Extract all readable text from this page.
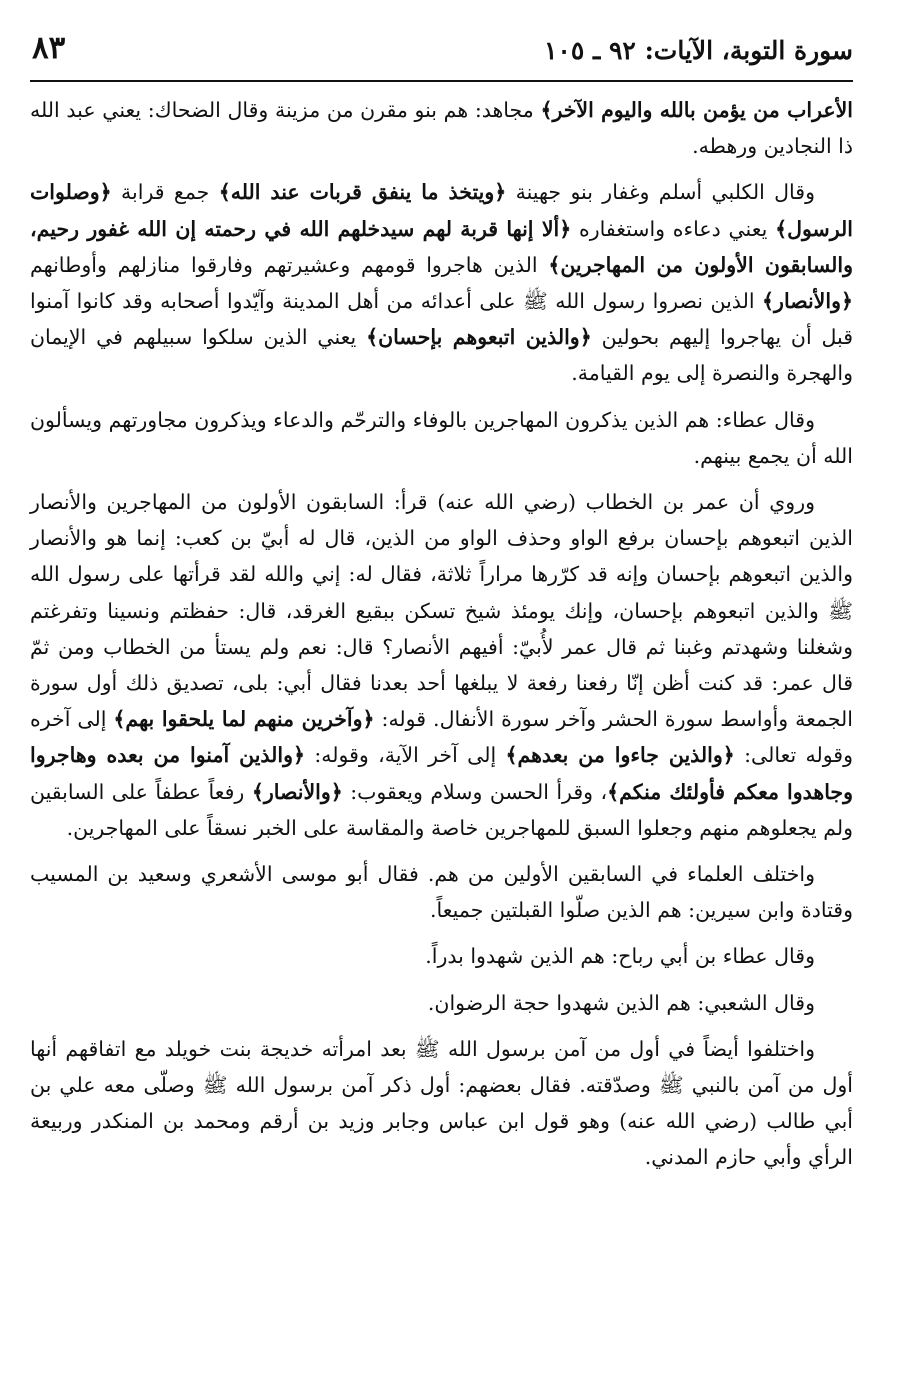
سورة التوبة، الآيات: ٩٢ ـ ١٠٥
٨٣

الأعراب من يؤمن بالله واليوم الآخر﴾ مجاهد: هم بنو مقرن من مزينة وقال الضحاك: يعني عبد الله ذا النجادين ورهطه.

وقال الكلبي أسلم وغفار بنو جهينة ﴿ويتخذ ما ينفق قربات عند الله﴾ جمع قرابة ﴿وصلوات الرسول﴾ يعني دعاءه واستغفاره ﴿ألا إنها قربة لهم سيدخلهم الله في رحمته إن الله غفور رحيم، والسابقون الأولون من المهاجرين﴾ الذين هاجروا قومهم وعشيرتهم وفارقوا منازلهم وأوطانهم ﴿والأنصار﴾ الذين نصروا رسول الله ﷺ على أعدائه من أهل المدينة وآيّدوا أصحابه وقد كانوا آمنوا قبل أن يهاجروا إليهم بحولين ﴿والذين اتبعوهم بإحسان﴾ يعني الذين سلكوا سبيلهم في الإيمان والهجرة والنصرة إلى يوم القيامة.

وقال عطاء: هم الذين يذكرون المهاجرين بالوفاء والترحّم والدعاء ويذكرون مجاورتهم ويسألون الله أن يجمع بينهم.

وروي أن عمر بن الخطاب (رضي الله عنه) قرأ: السابقون الأولون من المهاجرين والأنصار الذين اتبعوهم بإحسان برفع الواو وحذف الواو من الذين، قال له أبيّ بن كعب: إنما هو والأنصار والذين اتبعوهم بإحسان وإنه قد كرّرها مراراً ثلاثة، فقال له: إني والله لقد قرأتها على رسول الله ﷺ والذين اتبعوهم بإحسان، وإنك يومئذ شيخ تسكن ببقيع الغرقد، قال: حفظتم ونسينا وتفرغتم وشغلنا وشهدتم وغبنا ثم قال عمر لأُبيّ: أفيهم الأنصار؟ قال: نعم ولم يستأ من الخطاب ومن ثمّ قال عمر: قد كنت أظن إنّا رفعنا رفعة لا يبلغها أحد بعدنا فقال أبي: بلى، تصديق ذلك أول سورة الجمعة وأواسط سورة الحشر وآخر سورة الأنفال. قوله: ﴿وآخرين منهم لما يلحقوا بهم﴾ إلى آخره وقوله تعالى: ﴿والذين جاءوا من بعدهم﴾ إلى آخر الآية، وقوله: ﴿والذين آمنوا من بعده وهاجروا وجاهدوا معكم فأولئك منكم﴾، وقرأ الحسن وسلام ويعقوب: ﴿والأنصار﴾ رفعاً عطفاً على السابقين ولم يجعلوهم منهم وجعلوا السبق للمهاجرين خاصة والمقاسة على الخبر نسقاً على المهاجرين.

واختلف العلماء في السابقين الأولين من هم. فقال أبو موسى الأشعري وسعيد بن المسيب وقتادة وابن سيرين: هم الذين صلّوا القبلتين جميعاً.

وقال عطاء بن أبي رباح: هم الذين شهدوا بدراً.

وقال الشعبي: هم الذين شهدوا حجة الرضوان.

واختلفوا أيضاً في أول من آمن برسول الله ﷺ بعد امرأته خديجة بنت خويلد مع اتفاقهم أنها أول من آمن بالنبي ﷺ وصدّقته. فقال بعضهم: أول ذكر آمن برسول الله ﷺ وصلّى معه علي بن أبي طالب (رضي الله عنه) وهو قول ابن عباس وجابر وزيد بن أرقم ومحمد بن المنكدر وربيعة الرأي وأبي حازم المدني.
